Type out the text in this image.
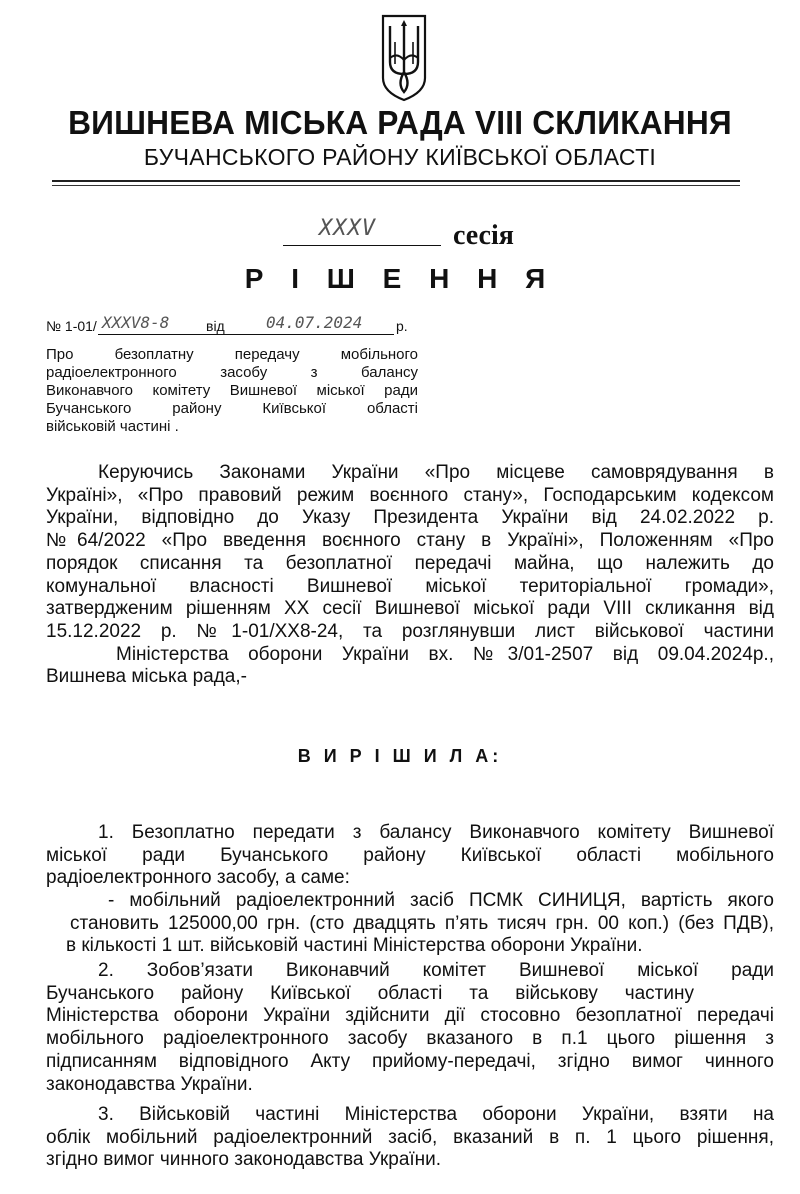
ВИШНЕВА МІСЬКА РАДА VIII СКЛИКАННЯ
БУЧАНСЬКОГО РАЙОНУ КИЇВСЬКОЇ ОБЛАСТІ
XXXV	сесія
Р І Ш Е Н Н Я
№ 1-01/ XXXV8-8	від	04.07.2024 р.
Про безоплатну передачу мобільного
радіоелектронного засобу з балансу
Виконавчого комітету Вишневої міської ради
Бучанського району Київської області
військовій частині .
Керуючись Законами України «Про місцеве самоврядування в
Україні», «Про правовий режим воєнного стану», Господарським кодексом
України, відповідно до Указу Президента України від 24.02.2022 р.
№64/2022 «Про введення воєнного стану в Україні», Положенням «Про
порядок списання та безоплатної передачі майна, що належить до
комунальної власності Вишневої міської територіальної громади»,
затвердженим рішенням XX сесії Вишневої міської ради VIII скликання від
15.12.2022 р. №1-01/XX8-24, та розглянувши лист військової частини
Міністерства оборони України вх. №3/01-2507 від 09.04.2024р.,
Вишнева міська рада,-
В И Р І Ш И Л А:
1. Безоплатно передати з балансу Виконавчого комітету Вишневої
міської ради Бучанського району Київської області мобільного
радіоелектронного засобу, а саме:
- мобільний радіоелектронний засіб ПСМК СИНИЦЯ, вартість якого
становить 125000,00 грн. (сто двадцять п’ять тисяч грн. 00 коп.) (без ПДВ),
в кількості 1 шт. військовій частині Міністерства оборони України.
2. Зобов’язати Виконавчий комітет Вишневої міської ради
Бучанського району Київської області та військову частину
Міністерства оборони України здійснити дії стосовно безоплатної передачі
мобільного радіоелектронного засобу вказаного в п.1 цього рішення з
підписанням відповідного Акту прийому-передачі, згідно вимог чинного
законодавства України.
3. Військовій частині Міністерства оборони України, взяти на
облік мобільний радіоелектронний засіб, вказаний в п. 1 цього рішення,
згідно вимог чинного законодавства України.
